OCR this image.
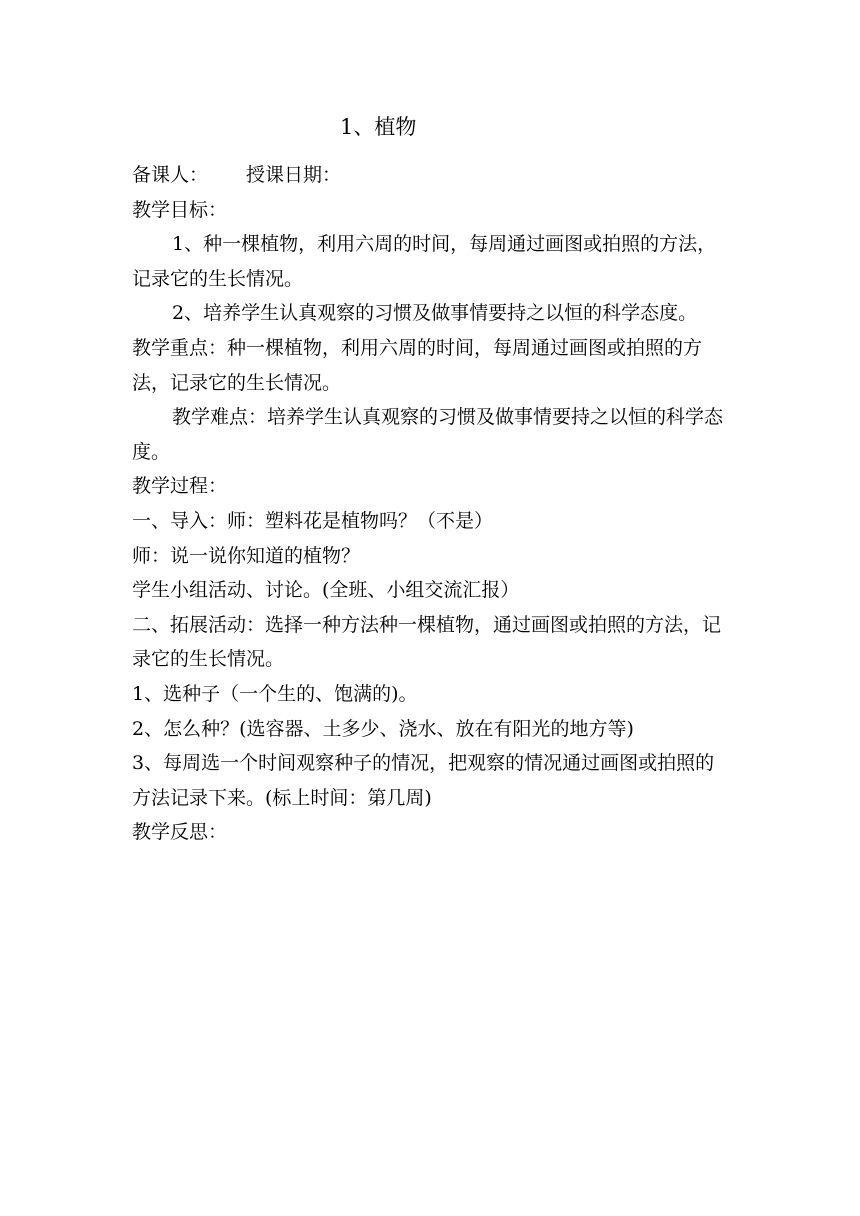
1、植物

备课人： 授课日期：

教学目标：

1、种一棵植物，利用六周的时间，每周通过画图或拍照的方法，记录它的生长情况。

2、培养学生认真观察的习惯及做事情要持之以恒的科学态度。

教学重点：种一棵植物，利用六周的时间，每周通过画图或拍照的方法，记录它的生长情况。

教学难点：培养学生认真观察的习惯及做事情要持之以恒的科学态度。

教学过程：

一、导入：师：塑料花是植物吗？（不是）

师：说一说你知道的植物？

学生小组活动、讨论。(全班、小组交流汇报）

二、拓展活动：选择一种方法种一棵植物，通过画图或拍照的方法，记录它的生长情况。

1、选种子（一个生的、饱满的)。

2、怎么种？(选容器、土多少、浇水、放在有阳光的地方等)

3、每周选一个时间观察种子的情况，把观察的情况通过画图或拍照的方法记录下来。(标上时间：第几周)

教学反思：
